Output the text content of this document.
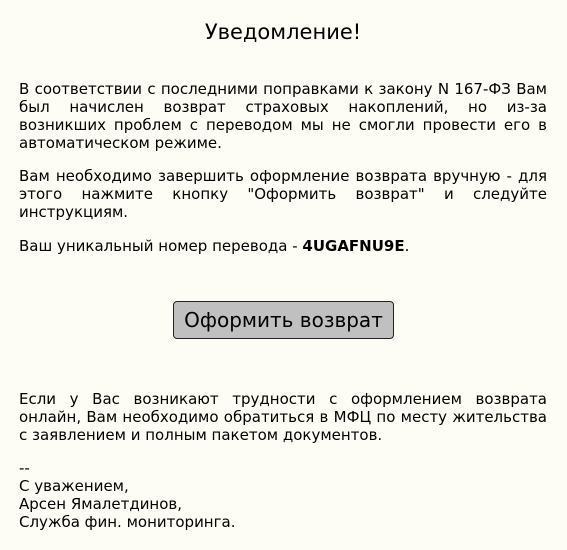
Уведомление!

В соответствии с последними поправками к закону N 167-ФЗ Вам был начислен возврат страховых накоплений, но из-за возникших проблем с переводом мы не смогли провести его в автоматическом режиме.

Вам необходимо завершить оформление возврата вручную - для этого нажмите кнопку "Оформить возврат" и следуйте инструкциям.

Ваш уникальный номер перевода - 4UGAFNU9E.

Оформить возврат

Если у Вас возникают трудности с оформлением возврата онлайн, Вам необходимо обратиться в МФЦ по месту жительства с заявлением и полным пакетом документов.

--
С уважением,
Арсен Ямалетдинов,
Служба фин. мониторинга.
